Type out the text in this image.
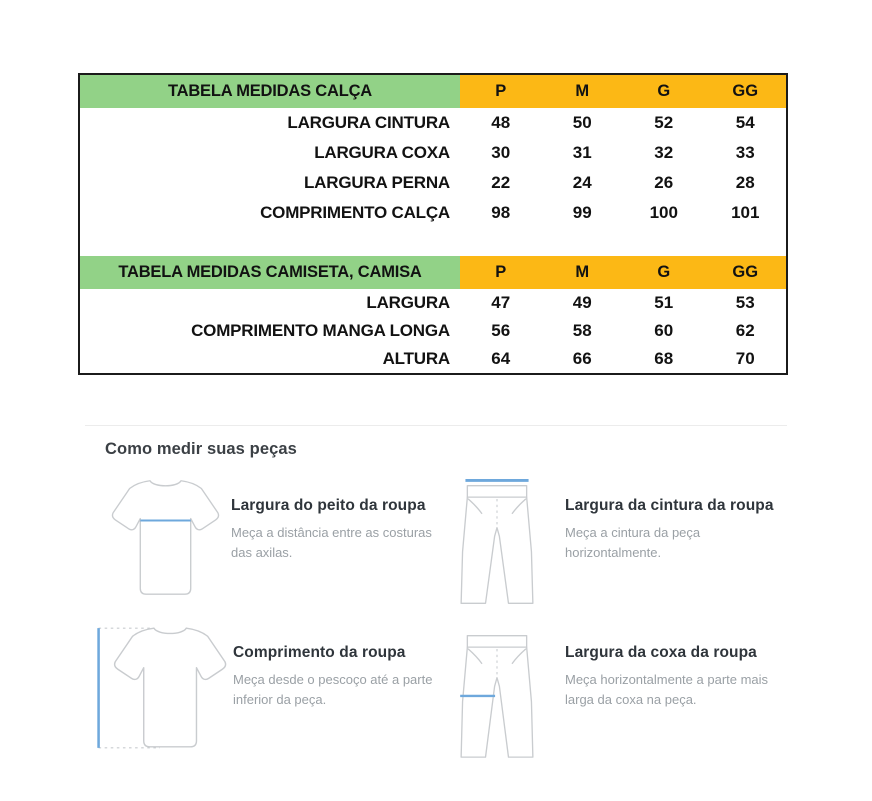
TABELA MEDIDAS CALÇA	P	M	G	GG
LARGURA CINTURA	48	50	52	54
LARGURA COXA	30	31	32	33
LARGURA PERNA	22	24	26	28
COMPRIMENTO CALÇA	98	99	100	101
TABELA MEDIDAS CAMISETA, CAMISA	P	M	G	GG
LARGURA	47	49	51	53
COMPRIMENTO MANGA LONGA	56	58	60	62
ALTURA	64	66	68	70
Como medir suas peças
Largura do peito da roupa

Meça a distância entre as costuras das axilas.

Largura da cintura da roupa

Meça a cintura da peça horizontalmente.

Comprimento da roupa

Meça desde o pescoço até a parte inferior da peça.

Largura da coxa da roupa

Meça horizontalmente a parte mais larga da coxa na peça.
